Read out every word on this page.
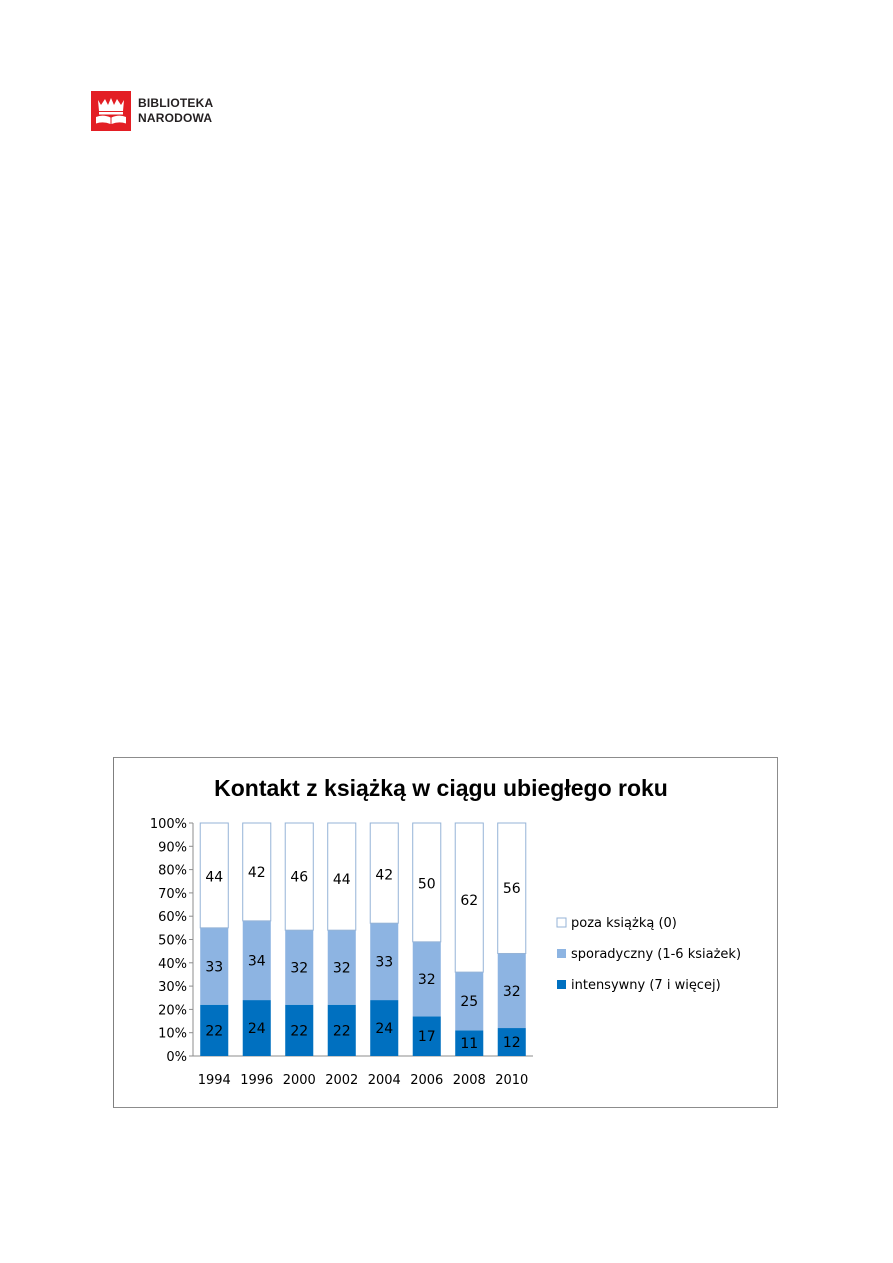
BIBLIOTEKA
NARODOWA
Kontakt z książką w ciągu ubiegłego roku
0%
10%
20%
30%
40%
50%
60%
70%
80%
90%
100%
22
33
44
1994
24
34
42
1996
22
32
46
2000
22
32
44
2002
24
33
42
2004
17
32
50
2006
11
25
62
2008
12
32
56
2010
poza książką (0)
sporadyczny (1-6 ksiażek)
intensywny (7 i więcej)
